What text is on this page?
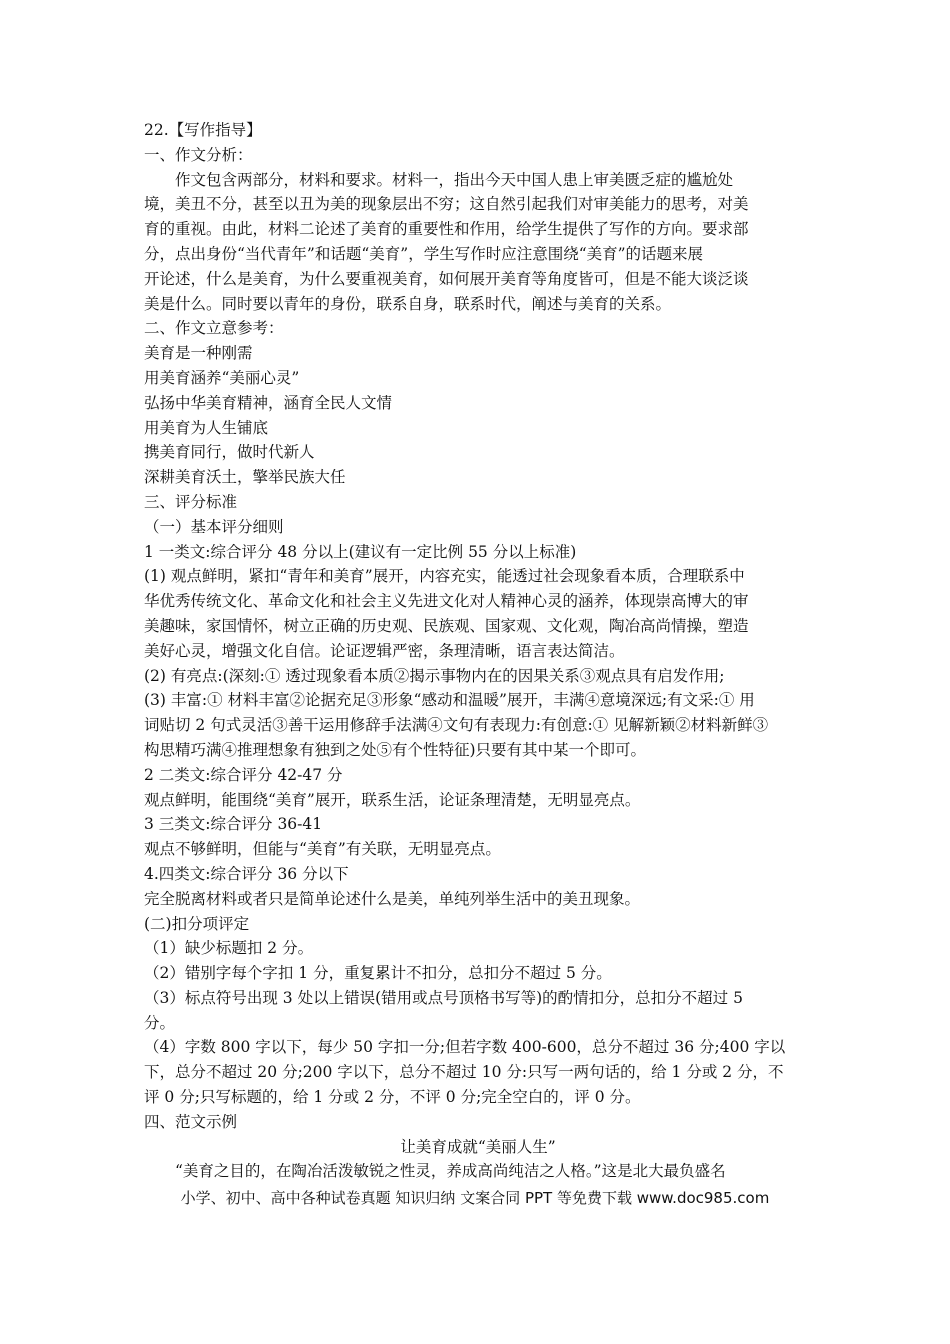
22.【写作指导】
一、作文分析：
作文包含两部分，材料和要求。材料一，指出今天中国人患上审美匮乏症的尴尬处
境，美丑不分，甚至以丑为美的现象层出不穷；这自然引起我们对审美能力的思考，对美
育的重视。由此，材料二论述了美育的重要性和作用，给学生提供了写作的方向。要求部
分，点出身份“当代青年”和话题“美育”，学生写作时应注意围绕“美育”的话题来展
开论述，什么是美育，为什么要重视美育，如何展开美育等角度皆可，但是不能大谈泛谈
美是什么。同时要以青年的身份，联系自身，联系时代，阐述与美育的关系。
二、作文立意参考：
美育是一种刚需
用美育涵养“美丽心灵”
弘扬中华美育精神，涵育全民人文情
用美育为人生铺底
携美育同行，做时代新人
深耕美育沃土，擎举民族大任
三、评分标准
（一）基本评分细则
1 一类文:综合评分 48 分以上(建议有一定比例 55 分以上标准)
(1) 观点鲜明，紧扣“青年和美育”展开，内容充实，能透过社会现象看本质，合理联系中
华优秀传统文化、革命文化和社会主义先进文化对人精神心灵的涵养，体现崇高博大的审
美趣味，家国情怀，树立正确的历史观、民族观、国家观、文化观，陶冶高尚情操，塑造
美好心灵，增强文化自信。论证逻辑严密，条理清晰，语言表达简洁。
(2) 有亮点:(深刻:① 透过现象看本质②揭示事物内在的因果关系③观点具有启发作用;
(3) 丰富:① 材料丰富②论据充足③形象“感动和温暖”展开，丰满④意境深远;有文采:① 用
词贴切 2 句式灵活③善干运用修辞手法满④文句有表现力:有创意:① 见解新颖②材料新鲜③
构思精巧满④推理想象有独到之处⑤有个性特征)只要有其中某一个即可。
2 二类文:综合评分 42-47 分
观点鲜明，能围绕“美育”展开，联系生活，论证条理清楚，无明显亮点。
3 三类文:综合评分 36-41
观点不够鲜明，但能与“美育”有关联，无明显亮点。
4.四类文:综合评分 36 分以下
完全脱离材料或者只是简单论述什么是美，单纯列举生活中的美丑现象。
(二)扣分项评定
（1）缺少标题扣 2 分。
（2）错别字每个字扣 1 分，重复累计不扣分，总扣分不超过 5 分。
（3）标点符号出现 3 处以上错误(错用或点号顶格书写等)的酌情扣分，总扣分不超过 5
分。
（4）字数 800 字以下，每少 50 字扣一分;但若字数 400-600，总分不超过 36 分;400 字以
下，总分不超过 20 分;200 字以下，总分不超过 10 分:只写一两句话的，给 1 分或 2 分，不
评 0 分;只写标题的，给 1 分或 2 分，不评 0 分;完全空白的，评 0 分。
四、范文示例
让美育成就“美丽人生”
“美育之目的，在陶冶活泼敏锐之性灵，养成高尚纯洁之人格。”这是北大最负盛名
小学、初中、高中各种试卷真题 知识归纳 文案合同 PPT 等免费下载 www.doc985.com
